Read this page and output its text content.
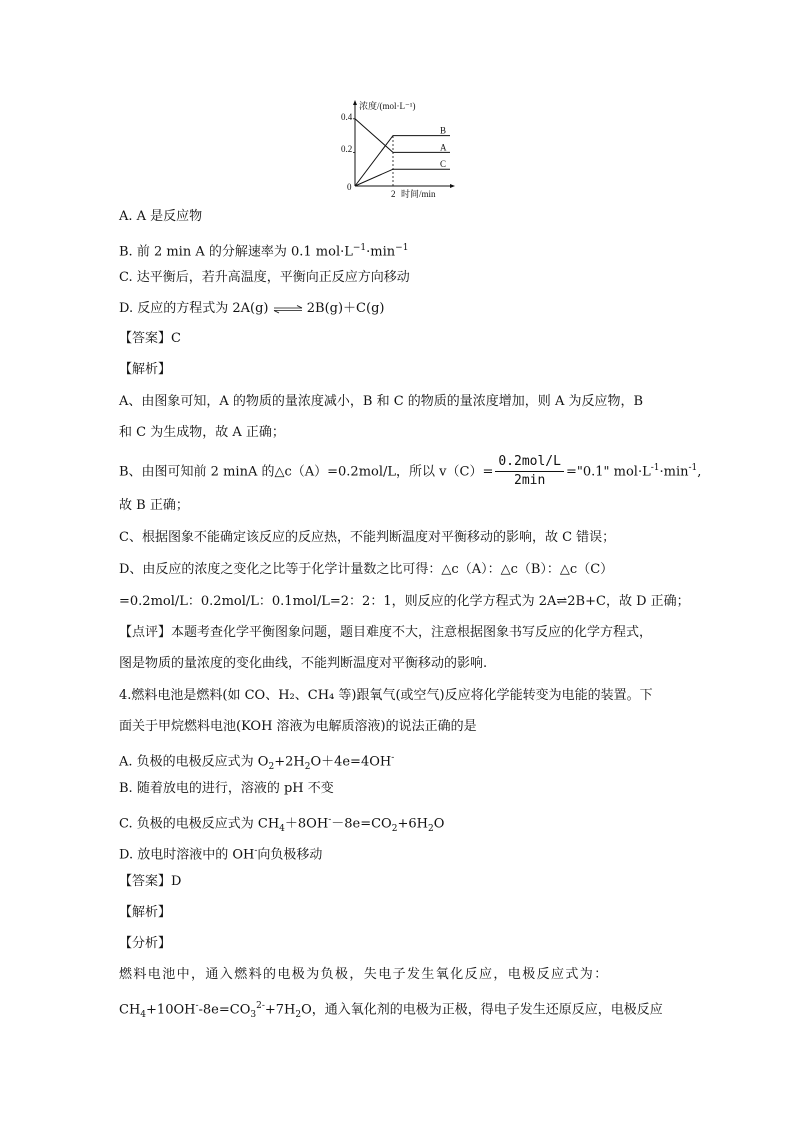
浓度/(mol·L⁻¹)
时间/min
0.4
0.2
0
2
B
A
C
A. A 是反应物
B. 前 2 min A 的分解速率为 0.1 $mol\cdot L^{-1}\cdot\min^{-1}$
C. 达平衡后，若升高温度，平衡向正反应方向移动
D. 反应的方程式为 2A(g) ⇌ 2B(g)＋C(g)
【答案】C
【解析】
A、由图象可知，A 的物质的量浓度减小，B 和 C 的物质的量浓度增加，则 A 为反应物，B
和 C 为生成物，故 A 正确；
B、由图可知前 2 minA 的△c（A）=0.2mol/L，所以 $v(C)= \frac{\text{0.2mol/L}}{2\min}$ ="0.1" $mol\cdot L^{-1}\cdot\min^{-1}$,
故 B 正确；
C、根据图象不能确定该反应的反应热，不能判断温度对平衡移动的影响，故 C 错误；
D、由反应的浓度之变化之比等于化学计量数之比可得：△c（A）：△c（B）：△c（C）
=0.2mol/L：0.2mol/L：0.1mol/L=2：2：1，则反应的化学方程式为 2A⇌2B+C，故 D 正确；
【点评】本题考查化学平衡图象问题，题目难度不大，注意根据图象书写反应的化学方程式，
图是物质的量浓度的变化曲线，不能判断温度对平衡移动的影响.
4.燃料电池是燃料(如 CO、H₂、CH₄ 等)跟氧气(或空气)反应将化学能转变为电能的装置。下
面关于甲烷燃料电池(KOH 溶液为电解质溶液)的说法正确的是
A. 负极的电极反应式为 $O_2+2H_2O+4e=4OH^-$
B. 随着放电的进行，溶液的 pH 不变
C. 负极的电极反应式为 $CH_4+8OH^--8e=CO_2+6H_2O$
D. 放电时溶液中的 OH-向负极移动
【答案】D
【解析】
【分析】
燃料电池中，通入燃料的电极为负极，失电子发生氧化反应，电极反应式为：
$CH_4+10OH^--8e=CO_3^{2-}+7H_2O$，通入氧化剂的电极为正极，得电子发生还原反应，电极反应
